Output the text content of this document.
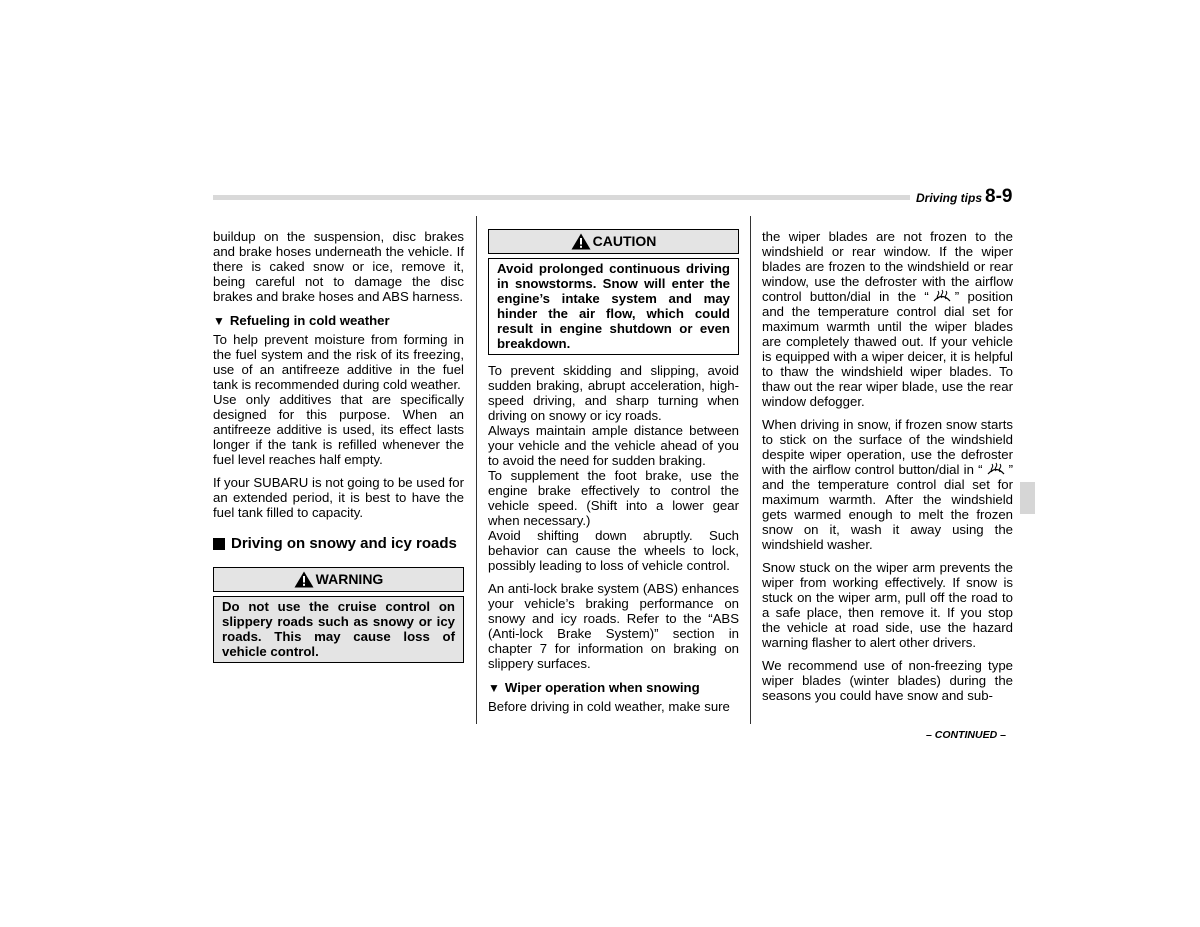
Driving tips 8-9

buildup on the suspension, disc brakes and brake hoses underneath the vehicle. If there is caked snow or ice, remove it, being careful not to damage the disc brakes and brake hoses and ABS harness.

▼ Refueling in cold weather

To help prevent moisture from forming in the fuel system and the risk of its freezing, use of an antifreeze additive in the fuel tank is recommended during cold weather.

Use only additives that are specifically designed for this purpose. When an antifreeze additive is used, its effect lasts longer if the tank is refilled whenever the fuel level reaches half empty.

If your SUBARU is not going to be used for an extended period, it is best to have the fuel tank filled to capacity.

Driving on snowy and icy roads
WARNING
Do not use the cruise control on slippery roads such as snowy or icy roads. This may cause loss of vehicle control.
CAUTION
Avoid prolonged continuous driving in snowstorms. Snow will enter the engine’s intake system and may hinder the air flow, which could result in engine shutdown or even breakdown.

To prevent skidding and slipping, avoid sudden braking, abrupt acceleration, high-speed driving, and sharp turning when driving on snowy or icy roads.

Always maintain ample distance between your vehicle and the vehicle ahead of you to avoid the need for sudden braking.

To supplement the foot brake, use the engine brake effectively to control the vehicle speed. (Shift into a lower gear when necessary.)

Avoid shifting down abruptly. Such behavior can cause the wheels to lock, possibly leading to loss of vehicle control.

An anti-lock brake system (ABS) enhances your vehicle’s braking performance on snowy and icy roads. Refer to the “ABS (Anti-lock Brake System)” section in chapter 7 for information on braking on slippery surfaces.

▼ Wiper operation when snowing

Before driving in cold weather, make sure

the wiper blades are not frozen to the windshield or rear window. If the wiper blades are frozen to the windshield or rear window, use the defroster with the airflow control button/dial in the “ ” position and the temperature control dial set for maximum warmth until the wiper blades are completely thawed out. If your vehicle is equipped with a wiper deicer, it is helpful to thaw the windshield wiper blades. To thaw out the rear wiper blade, use the rear window defogger.

When driving in snow, if frozen snow starts to stick on the surface of the windshield despite wiper operation, use the defroster with the airflow control button/dial in “ ” and the temperature control dial set for maximum warmth. After the windshield gets warmed enough to melt the frozen snow on it, wash it away using the windshield washer.

Snow stuck on the wiper arm prevents the wiper from working effectively. If snow is stuck on the wiper arm, pull off the road to a safe place, then remove it. If you stop the vehicle at road side, use the hazard warning flasher to alert other drivers.

We recommend use of non-freezing type wiper blades (winter blades) during the seasons you could have snow and sub-

– CONTINUED –
